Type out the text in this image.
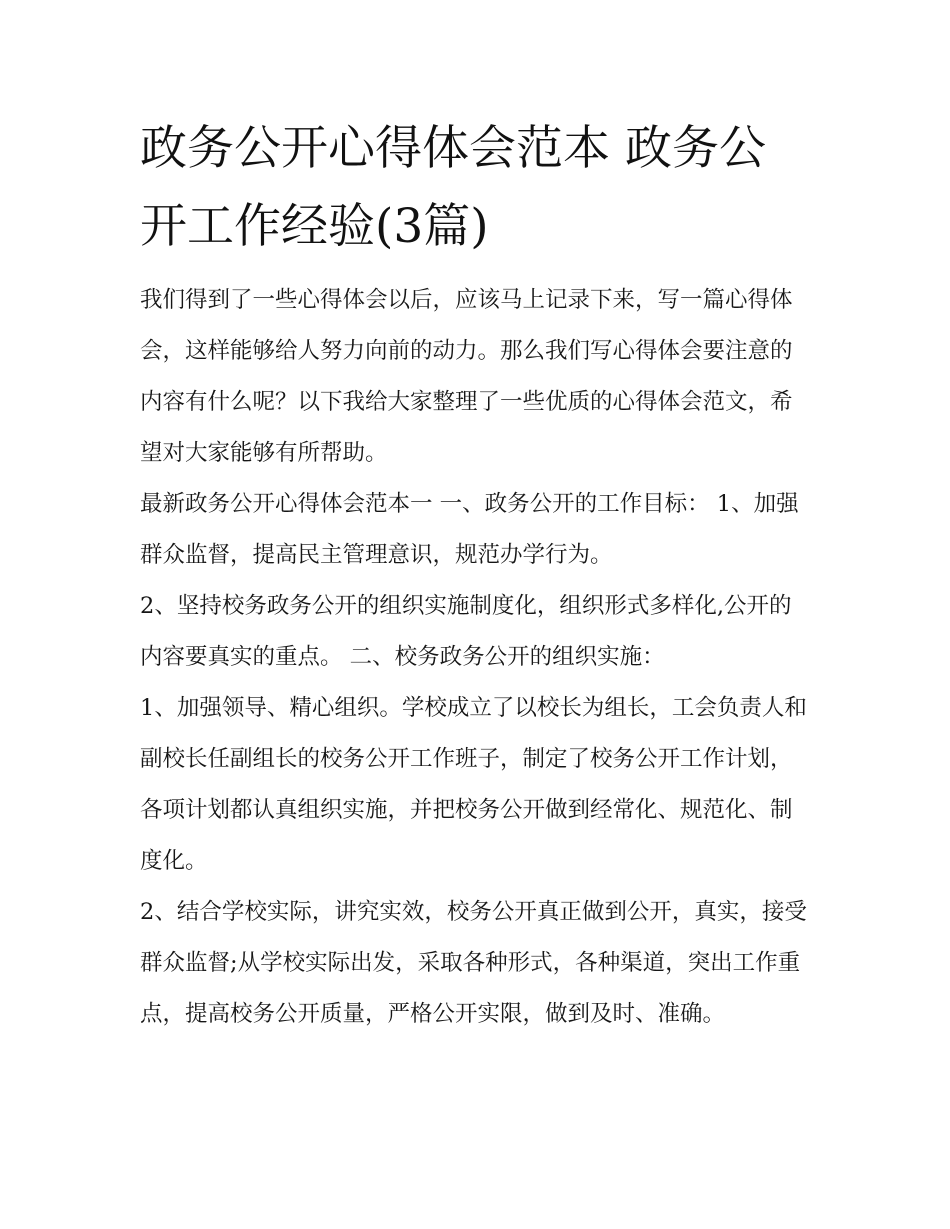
政务公开心得体会范本 政务公开工作经验(3篇)

我们得到了一些心得体会以后，应该马上记录下来，写一篇心得体会，这样能够给人努力向前的动力。那么我们写心得体会要注意的内容有什么呢？以下我给大家整理了一些优质的心得体会范文，希望对大家能够有所帮助。

最新政务公开心得体会范本一 一、政务公开的工作目标： 1、加强群众监督，提高民主管理意识，规范办学行为。

2、坚持校务政务公开的组织实施制度化，组织形式多样化,公开的内容要真实的重点。 二、校务政务公开的组织实施：

1、加强领导、精心组织。学校成立了以校长为组长，工会负责人和副校长任副组长的校务公开工作班子，制定了校务公开工作计划，各项计划都认真组织实施，并把校务公开做到经常化、规范化、制度化。

2、结合学校实际，讲究实效，校务公开真正做到公开，真实，接受群众监督;从学校实际出发，采取各种形式，各种渠道，突出工作重点，提高校务公开质量，严格公开实限，做到及时、准确。
